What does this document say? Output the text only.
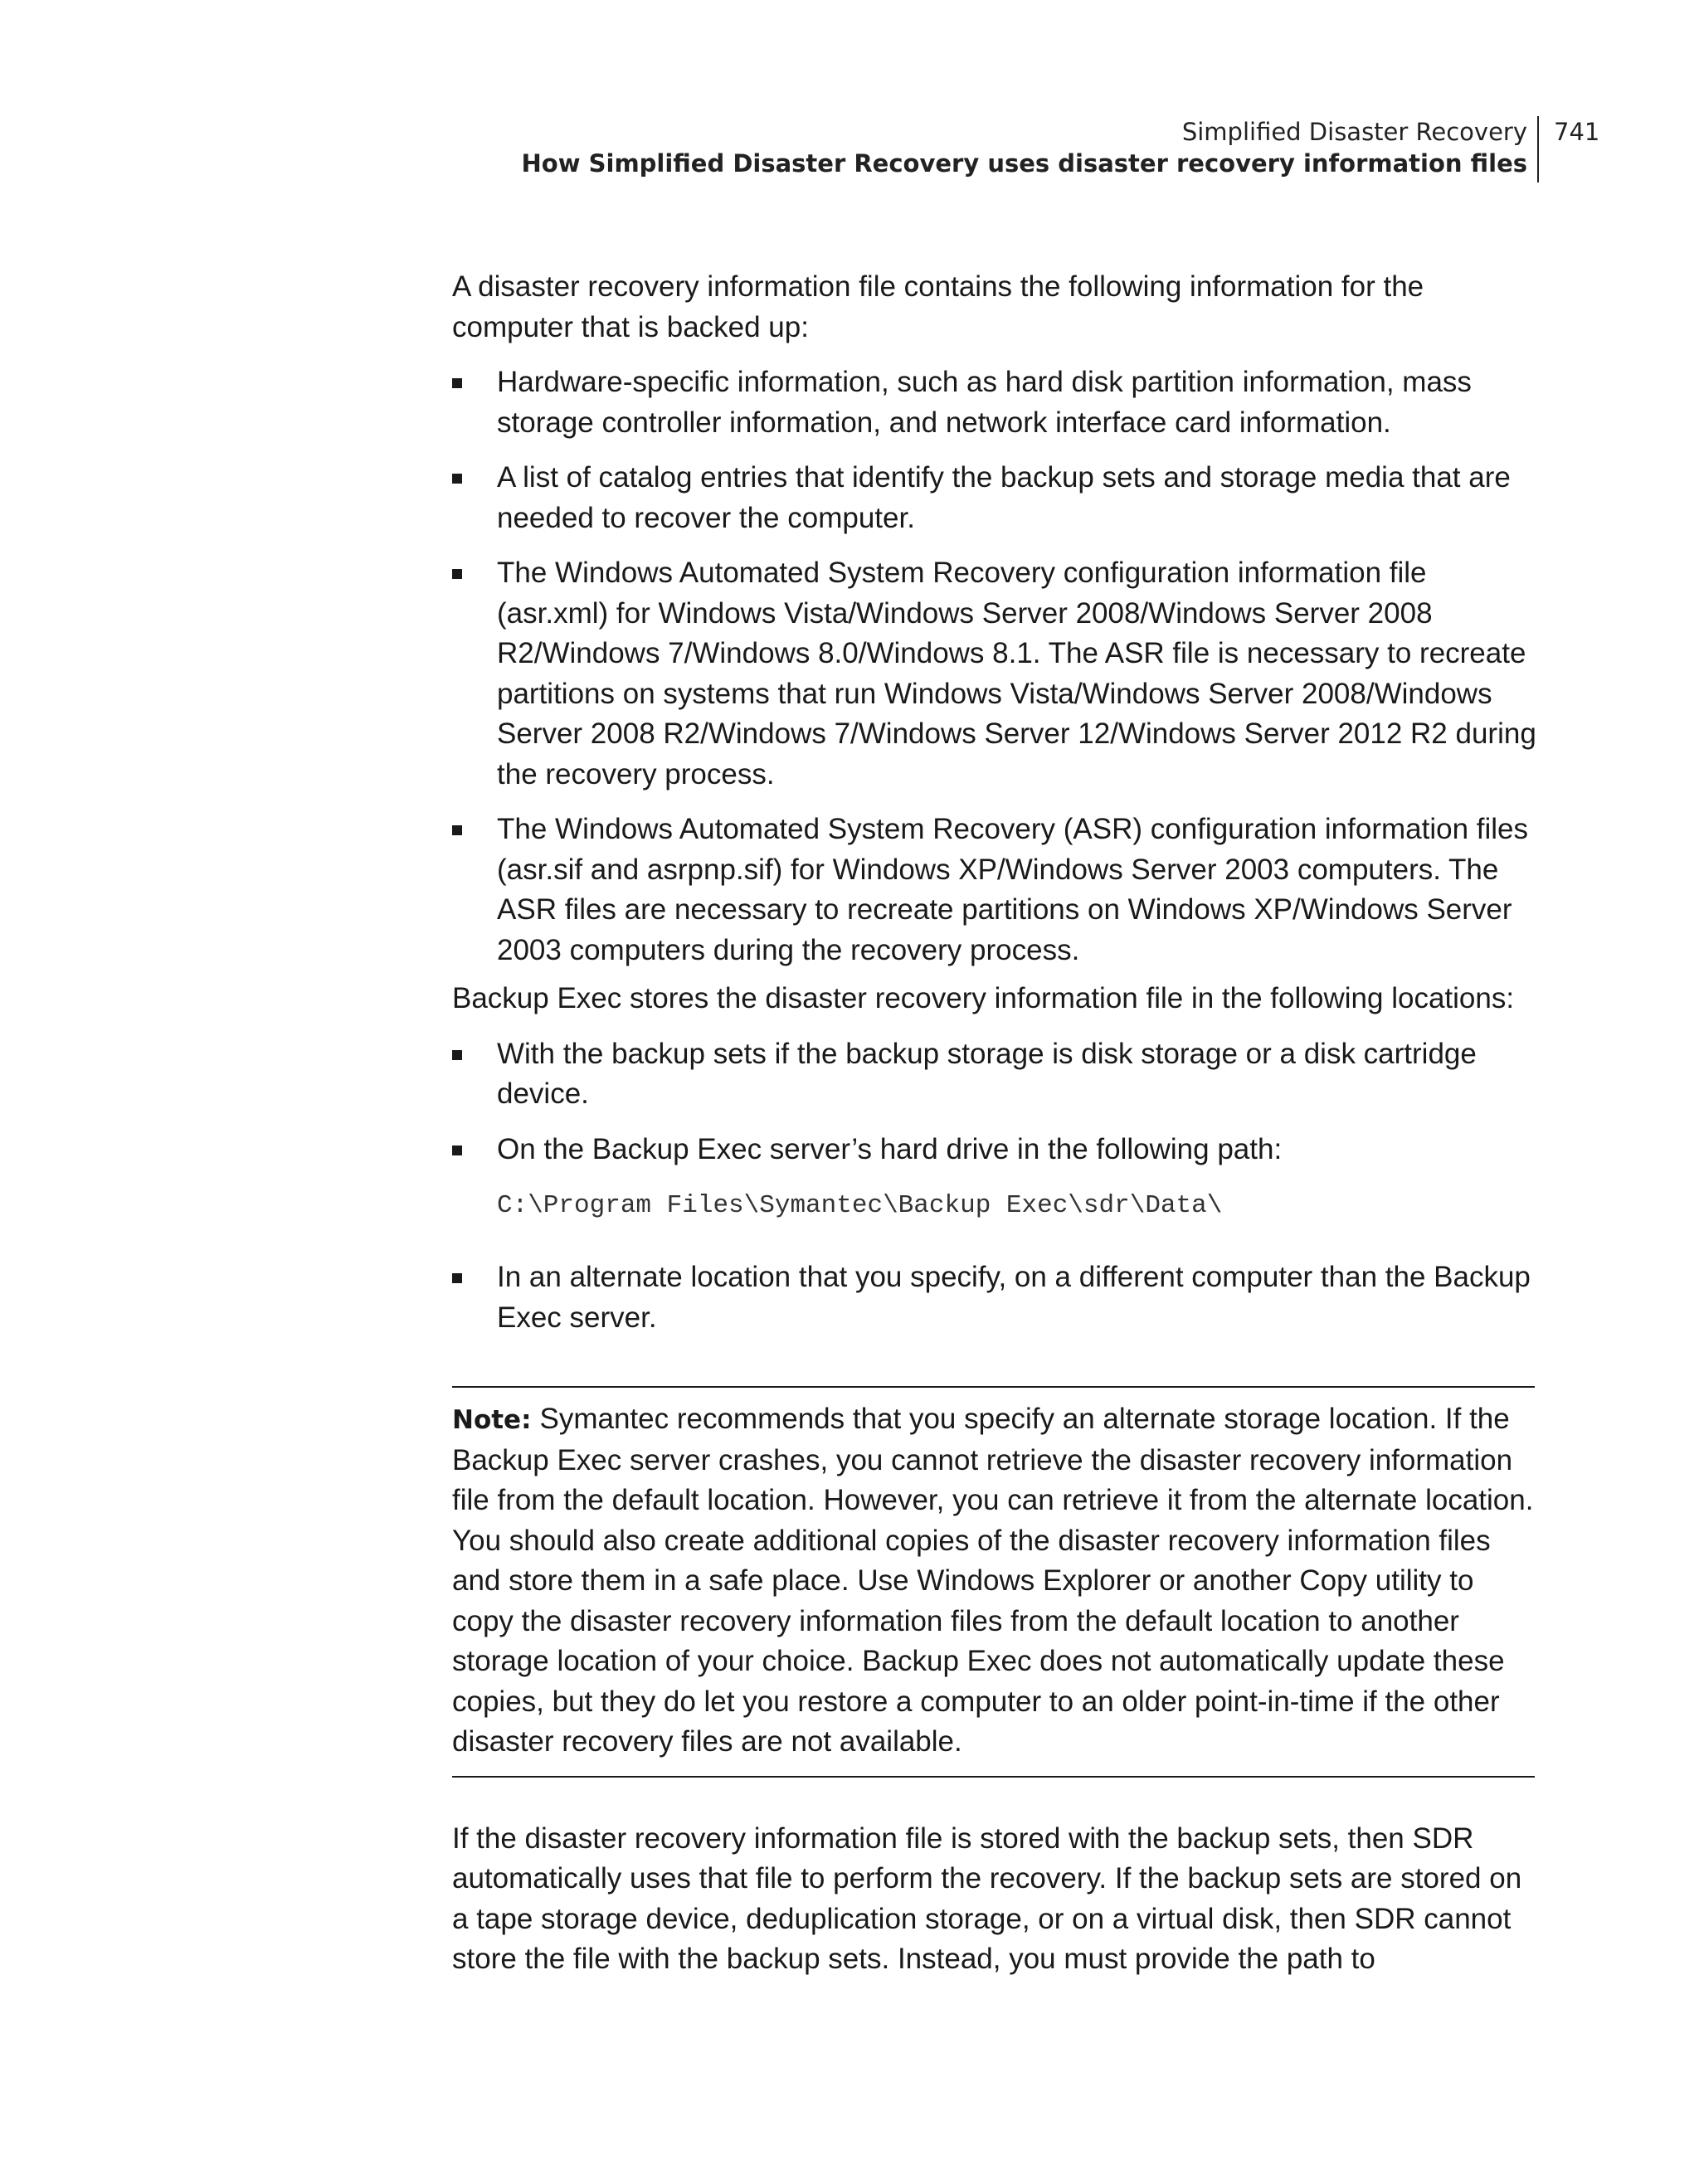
Simplified Disaster Recovery
How Simplified Disaster Recovery uses disaster recovery information files
741

A disaster recovery information file contains the following information for the computer that is backed up:

Hardware-specific information, such as hard disk partition information, mass storage controller information, and network interface card information.
A list of catalog entries that identify the backup sets and storage media that are needed to recover the computer.
The Windows Automated System Recovery configuration information file (asr.xml) for Windows Vista/Windows Server 2008/Windows Server 2008 R2/Windows 7/Windows 8.0/Windows 8.1. The ASR file is necessary to recreate partitions on systems that run Windows Vista/Windows Server 2008/Windows Server 2008 R2/Windows 7/Windows Server 12/Windows Server 2012 R2 during the recovery process.
The Windows Automated System Recovery (ASR) configuration information files (asr.sif and asrpnp.sif) for Windows XP/Windows Server 2003 computers. The ASR files are necessary to recreate partitions on Windows XP/Windows Server 2003 computers during the recovery process.

Backup Exec stores the disaster recovery information file in the following locations:

With the backup sets if the backup storage is disk storage or a disk cartridge device.
On the Backup Exec server’s hard drive in the following path:
C:\Program Files\Symantec\Backup Exec\sdr\Data\
In an alternate location that you specify, on a different computer than the Backup Exec server.
Note: Symantec recommends that you specify an alternate storage location. If the Backup Exec server crashes, you cannot retrieve the disaster recovery information file from the default location. However, you can retrieve it from the alternate location. You should also create additional copies of the disaster recovery information files and store them in a safe place. Use Windows Explorer or another Copy utility to copy the disaster recovery information files from the default location to another storage location of your choice. Backup Exec does not automatically update these copies, but they do let you restore a computer to an older point-in-time if the other disaster recovery files are not available.

If the disaster recovery information file is stored with the backup sets, then SDR automatically uses that file to perform the recovery. If the backup sets are stored on a tape storage device, deduplication storage, or on a virtual disk, then SDR cannot store the file with the backup sets. Instead, you must provide the path to
